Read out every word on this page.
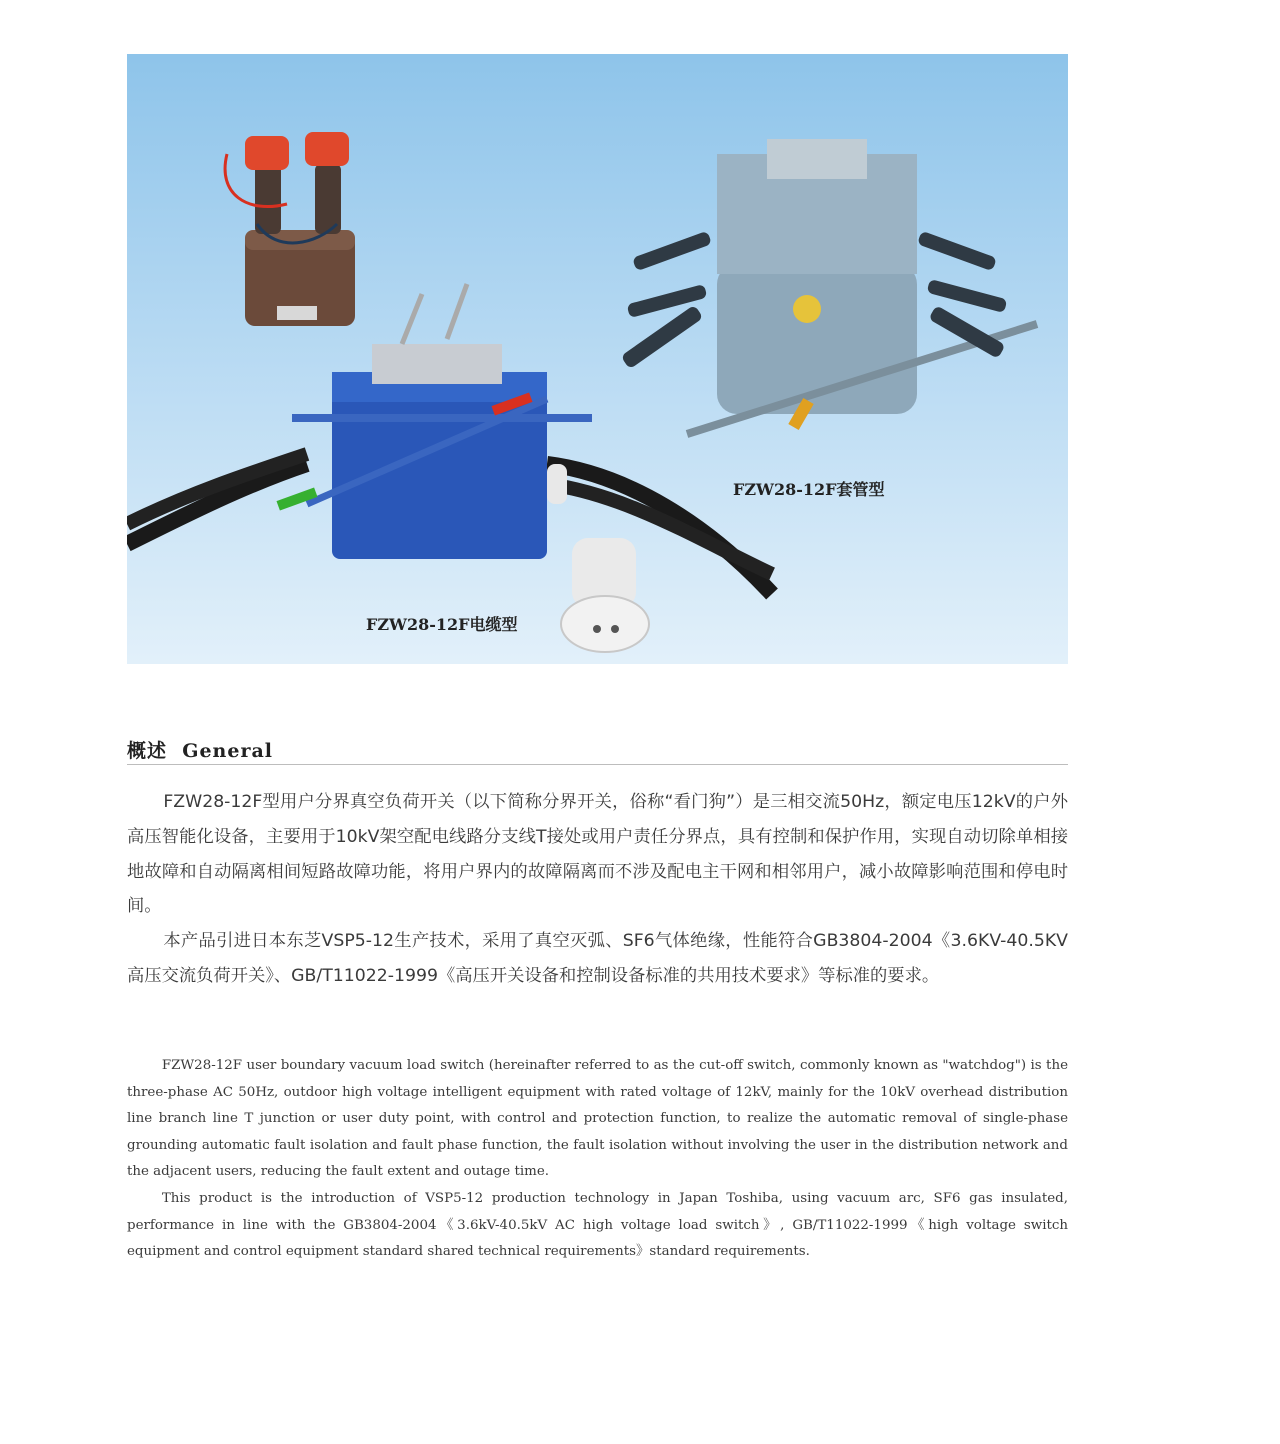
FZW28-12F套管型
FZW28-12F电缆型
概述  General

FZW28-12F型用户分界真空负荷开关（以下简称分界开关，俗称“看门狗”）是三相交流50Hz，额定电压12kV的户外高压智能化设备，主要用于10kV架空配电线路分支线T接处或用户责任分界点，具有控制和保护作用，实现自动切除单相接地故障和自动隔离相间短路故障功能，将用户界内的故障隔离而不涉及配电主干网和相邻用户，减小故障影响范围和停电时间。

本产品引进日本东芝VSP5-12生产技术，采用了真空灭弧、SF6气体绝缘，性能符合GB3804-2004《3.6KV-40.5KV高压交流负荷开关》、GB/T11022-1999《高压开关设备和控制设备标准的共用技术要求》等标准的要求。

FZW28-12F user boundary vacuum load switch (hereinafter referred to as the cut-off switch, commonly known as "watchdog") is the three-phase AC 50Hz, outdoor high voltage intelligent equipment with rated voltage of 12kV, mainly for the 10kV overhead distribution line branch line T junction or user duty point, with control and protection function, to realize the automatic removal of single-phase grounding automatic fault isolation and fault phase function, the fault isolation without involving the user in the distribution network and the adjacent users, reducing the fault extent and outage time.

This product is the introduction of VSP5-12 production technology in Japan Toshiba, using vacuum arc, SF6 gas insulated, performance in line with the GB3804-2004《3.6kV-40.5kV AC high voltage load switch》, GB/T11022-1999《high voltage switch equipment and control equipment standard shared technical requirements》standard requirements.
